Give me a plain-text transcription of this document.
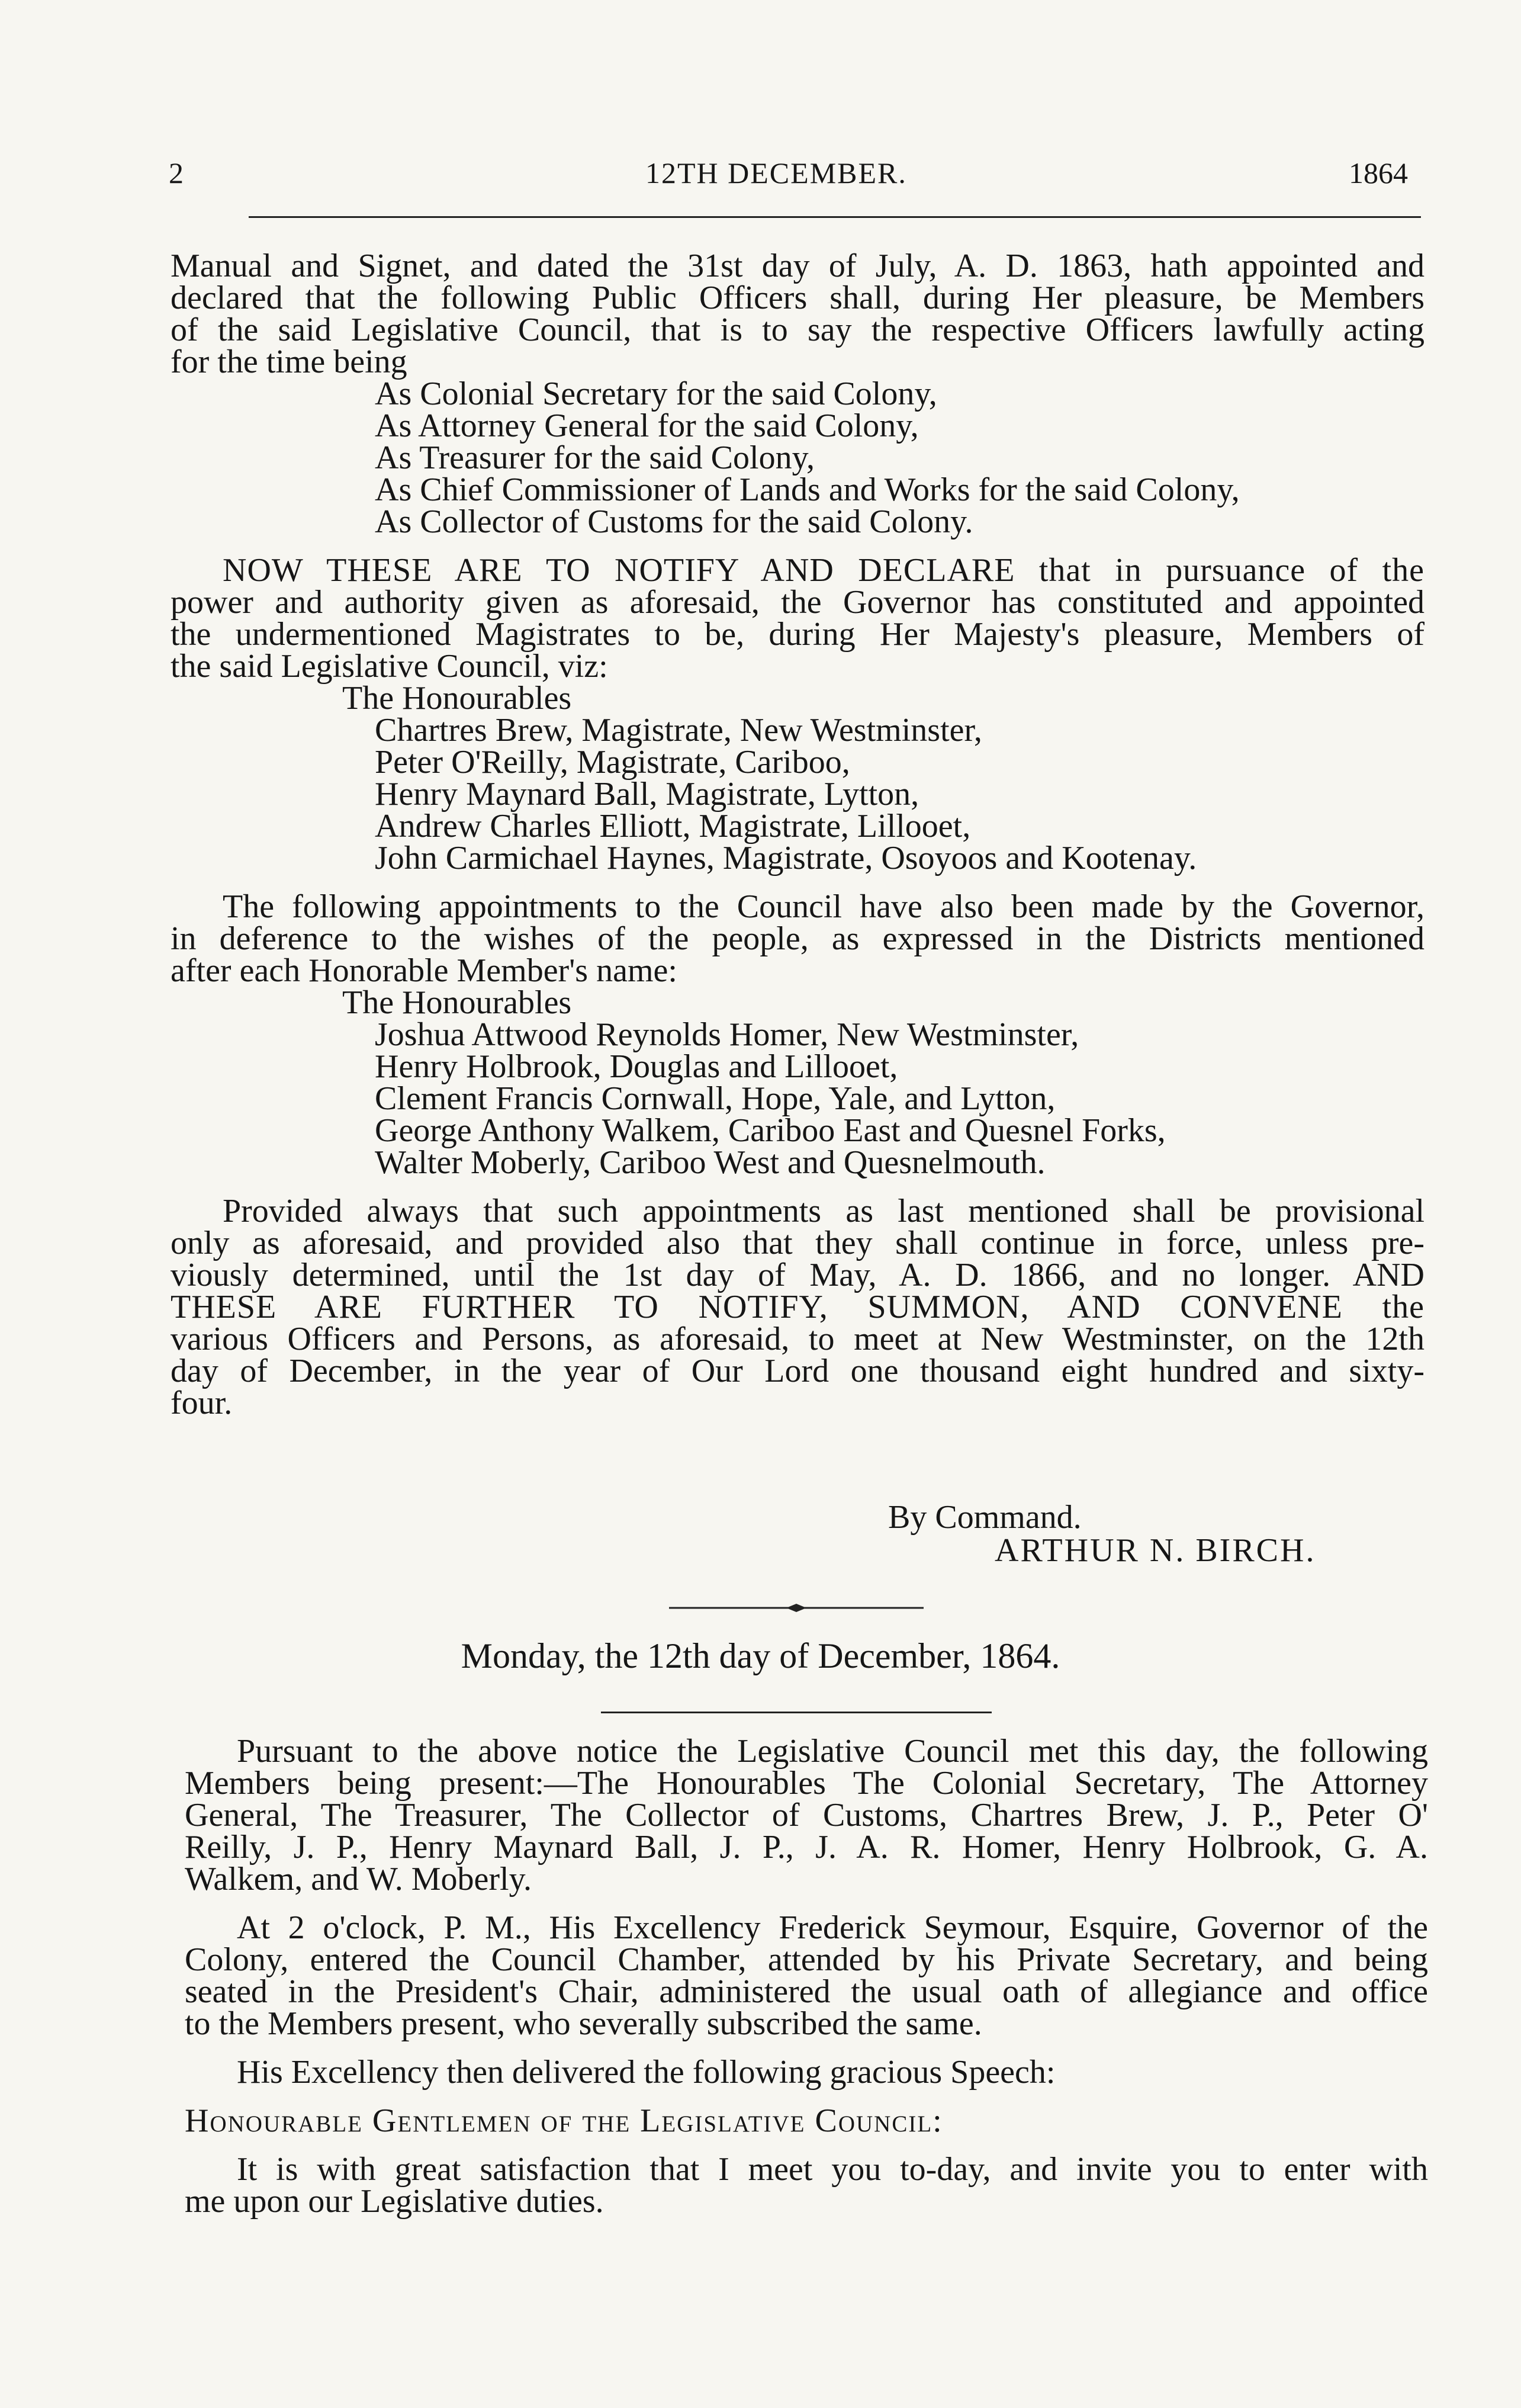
2	12TH DECEMBER.	1864

Manual and Signet, and dated the 31st day of July, A. D. 1863, hath appointed and
declared that the following Public Officers shall, during Her pleasure, be Members
of the said Legislative Council, that is to say the respective Officers lawfully acting
for the time being

As Colonial Secretary for the said Colony,
As Attorney General for the said Colony,
As Treasurer for the said Colony,
As Chief Commissioner of Lands and Works for the said Colony,
As Collector of Customs for the said Colony.

NOW THESE ARE TO NOTIFY AND DECLARE that in pursuance of the
power and authority given as aforesaid, the Governor has constituted and appointed
the undermentioned Magistrates to be, during Her Majesty's pleasure, Members of
the said Legislative Council, viz:

The Honourables
Chartres Brew, Magistrate, New Westminster,
Peter O'Reilly, Magistrate, Cariboo,
Henry Maynard Ball, Magistrate, Lytton,
Andrew Charles Elliott, Magistrate, Lillooet,
John Carmichael Haynes, Magistrate, Osoyoos and Kootenay.

The following appointments to the Council have also been made by the Governor,
in deference to the wishes of the people, as expressed in the Districts mentioned
after each Honorable Member's name:

The Honourables
Joshua Attwood Reynolds Homer, New Westminster,
Henry Holbrook, Douglas and Lillooet,
Clement Francis Cornwall, Hope, Yale, and Lytton,
George Anthony Walkem, Cariboo East and Quesnel Forks,
Walter Moberly, Cariboo West and Quesnelmouth.

Provided always that such appointments as last mentioned shall be provisional
only as aforesaid, and provided also that they shall continue in force, unless pre-
viously determined, until the 1st day of May, A. D. 1866, and no longer. AND
THESE ARE FURTHER TO NOTIFY, SUMMON, AND CONVENE the
various Officers and Persons, as aforesaid, to meet at New Westminster, on the 12th
day of December, in the year of Our Lord one thousand eight hundred and sixty-
four.

By Command.
ARTHUR N. BIRCH.
Monday, the 12th day of December, 1864.

Pursuant to the above notice the Legislative Council met this day, the following
Members being present:—The Honourables The Colonial Secretary, The Attorney
General, The Treasurer, The Collector of Customs, Chartres Brew, J. P., Peter O'
Reilly, J. P., Henry Maynard Ball, J. P., J. A. R. Homer, Henry Holbrook, G. A.
Walkem, and W. Moberly.

At 2 o'clock, P. M., His Excellency Frederick Seymour, Esquire, Governor of the
Colony, entered the Council Chamber, attended by his Private Secretary, and being
seated in the President's Chair, administered the usual oath of allegiance and office
to the Members present, who severally subscribed the same.

His Excellency then delivered the following gracious Speech:
Honourable Gentlemen of the Legislative Council:

It is with great satisfaction that I meet you to-day, and invite you to enter with
me upon our Legislative duties.
